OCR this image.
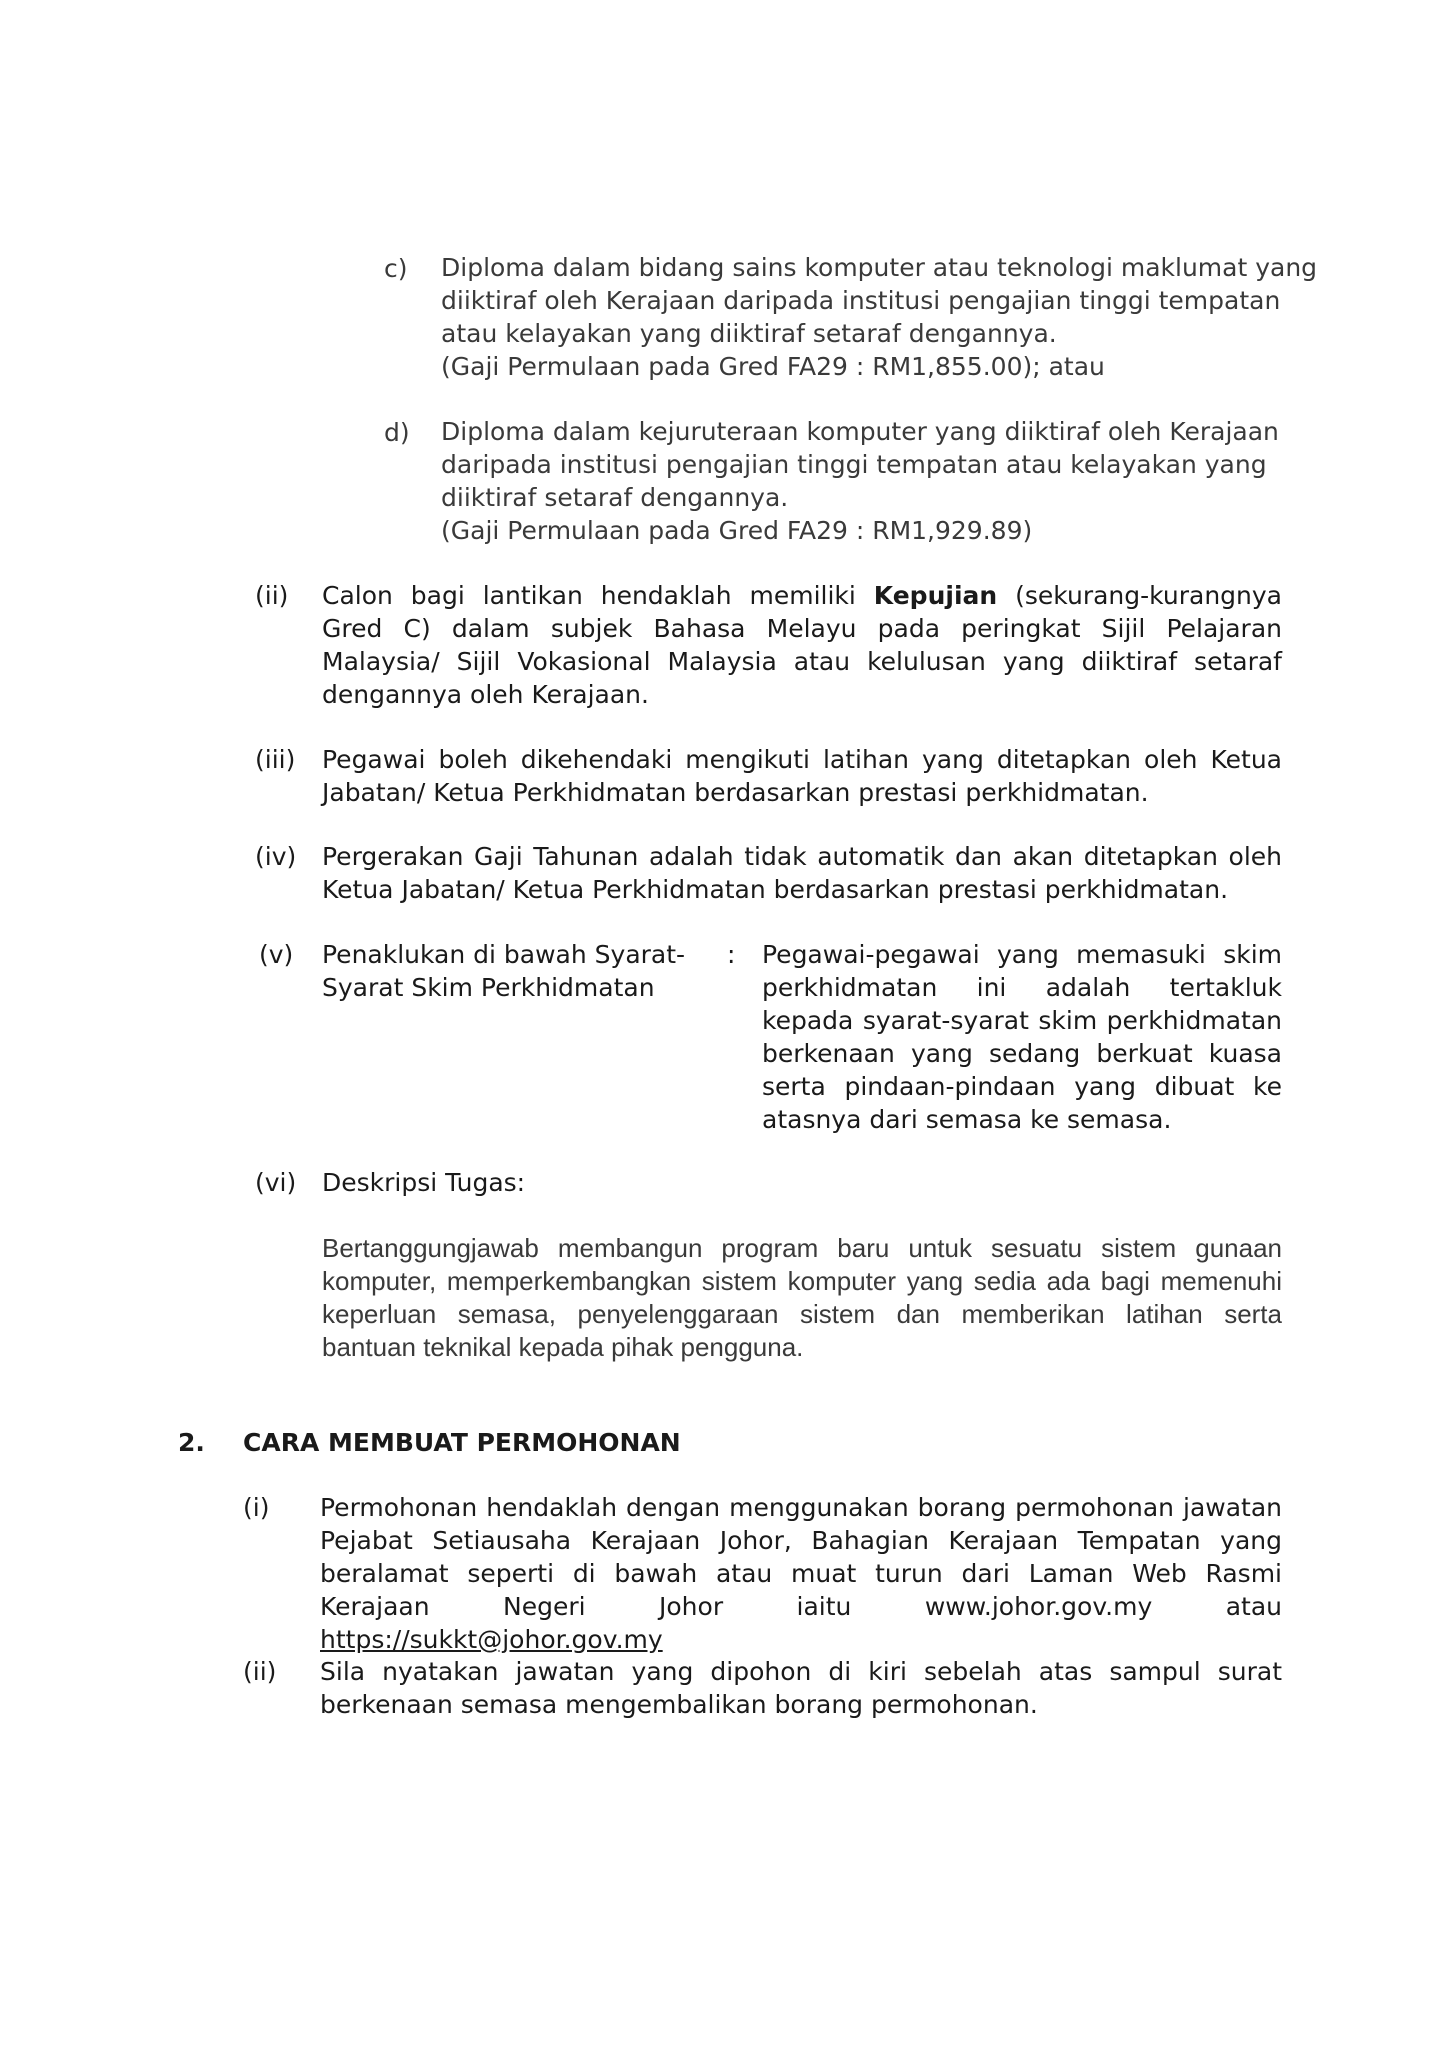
c) Diploma dalam bidang sains komputer atau teknologi maklumat yang
diiktiraf oleh Kerajaan daripada institusi pengajian tinggi tempatan
atau kelayakan yang diiktiraf setaraf dengannya.
(Gaji Permulaan pada Gred FA29 : RM1,855.00); atau
d) Diploma dalam kejuruteraan komputer yang diiktiraf oleh Kerajaan
daripada institusi pengajian tinggi tempatan atau kelayakan yang
diiktiraf setaraf dengannya.
(Gaji Permulaan pada Gred FA29 : RM1,929.89)
(ii) Calon bagi lantikan hendaklah memiliki Kepujian (sekurang-kurangnya Gred C) dalam subjek Bahasa Melayu pada peringkat Sijil Pelajaran Malaysia/ Sijil Vokasional Malaysia atau kelulusan yang diiktiraf setaraf dengannya oleh Kerajaan.
(iii) Pegawai boleh dikehendaki mengikuti latihan yang ditetapkan oleh Ketua Jabatan/ Ketua Perkhidmatan berdasarkan prestasi perkhidmatan.
(iv) Pergerakan Gaji Tahunan adalah tidak automatik dan akan ditetapkan oleh Ketua Jabatan/ Ketua Perkhidmatan berdasarkan prestasi perkhidmatan.
(v) Penaklukan di bawah Syarat-
Syarat Skim Perkhidmatan
: Pegawai-pegawai yang memasuki skim perkhidmatan ini adalah tertakluk kepada syarat-syarat skim perkhidmatan berkenaan yang sedang berkuat kuasa serta pindaan-pindaan yang dibuat ke atasnya dari semasa ke semasa.
(vi) Deskripsi Tugas:
Bertanggungjawab membangun program baru untuk sesuatu sistem gunaan komputer, memperkembangkan sistem komputer yang sedia ada bagi memenuhi keperluan semasa, penyelenggaraan sistem dan memberikan latihan serta bantuan teknikal kepada pihak pengguna.
2. CARA MEMBUAT PERMOHONAN
(i) Permohonan hendaklah dengan menggunakan borang permohonan jawatan Pejabat Setiausaha Kerajaan Johor, Bahagian Kerajaan Tempatan yang beralamat seperti di bawah atau muat turun dari Laman Web Rasmi Kerajaan Negeri Johor iaitu www.johor.gov.my atau https://sukkt@johor.gov.my
(ii) Sila nyatakan jawatan yang dipohon di kiri sebelah atas sampul surat berkenaan semasa mengembalikan borang permohonan.
